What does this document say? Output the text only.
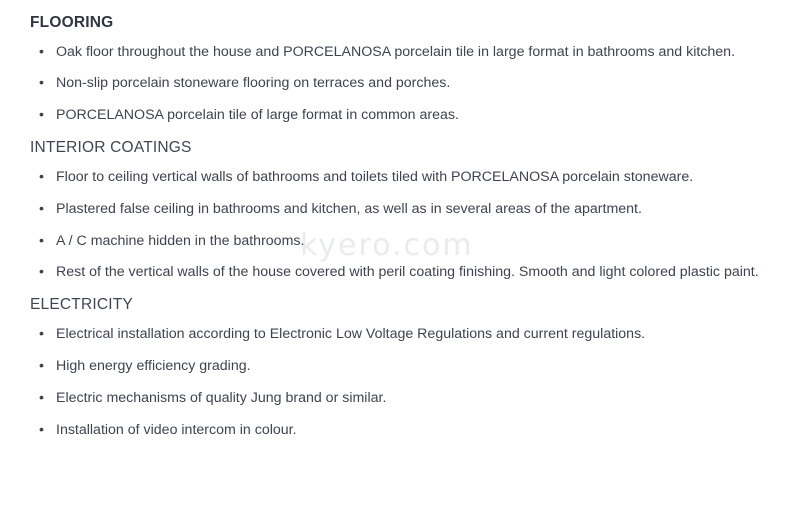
FLOORING
• Oak floor throughout the house and PORCELANOSA porcelain tile in large format in bathrooms and kitchen.
• Non-slip porcelain stoneware flooring on terraces and porches.
• PORCELANOSA porcelain tile of large format in common areas.
INTERIOR COATINGS
• Floor to ceiling vertical walls of bathrooms and toilets tiled with PORCELANOSA porcelain stoneware.
• Plastered false ceiling in bathrooms and kitchen, as well as in several areas of the apartment.
• A / C machine hidden in the bathrooms.
• Rest of the vertical walls of the house covered with peril coating finishing. Smooth and light colored plastic paint.
ELECTRICITY
• Electrical installation according to Electronic Low Voltage Regulations and current regulations.
• High energy efficiency grading.
• Electric mechanisms of quality Jung brand or similar.
• Installation of video intercom in colour.
kyero.com
